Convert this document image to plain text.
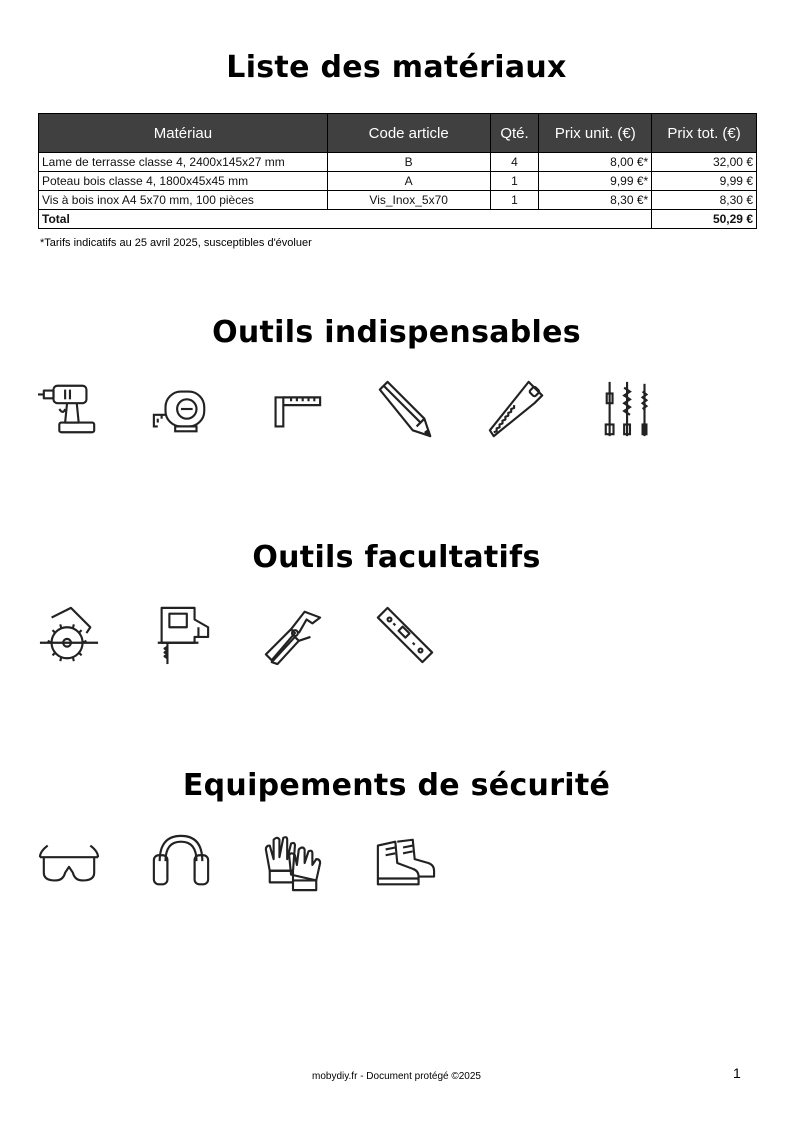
Liste des matériaux
Matériau	Code article	Qté.	Prix unit. (€)	Prix tot. (€)
Lame de terrasse classe 4, 2400x145x27 mm	B	4	8,00 €*	32,00 €
Poteau bois classe 4, 1800x45x45 mm	A	1	9,99 €*	9,99 €
Vis à bois inox A4 5x70 mm, 100 pièces	Vis_Inox_5x70	1	8,30 €*	8,30 €
Total				50,29 €
*Tarifs indicatifs au 25 avril 2025, susceptibles d'évoluer
Outils indispensables
Outils facultatifs
Equipements de sécurité
mobydiy.fr - Document protégé ©2025	1
